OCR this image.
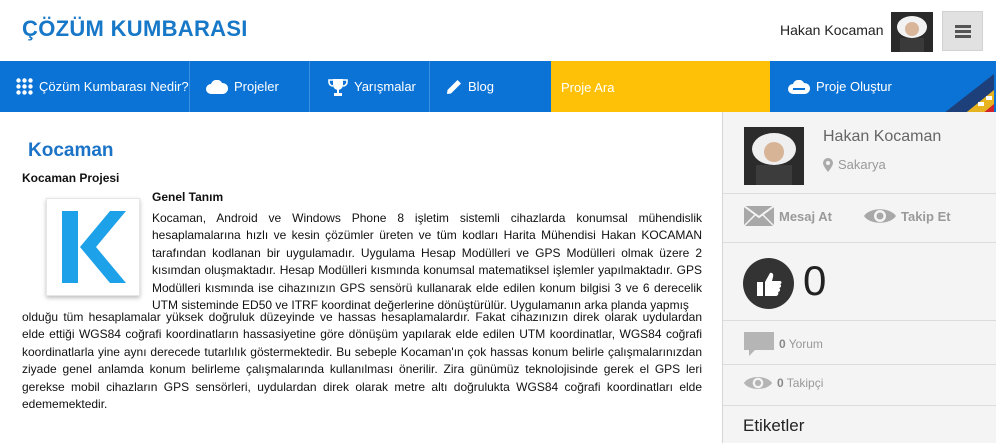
ÇÖZÜM KUMBARASI	Hakan Kocaman
Çözüm Kumbarası Nedir?	Projeler	Yarışmalar	Blog
Proje Ara	Proje Oluştur
Kocaman
Kocaman Projesi
Genel Tanım
Kocaman, Android ve Windows Phone 8 işletim sistemli cihazlarda konumsal mühendislik hesaplamalarına hızlı ve kesin çözümler üreten ve tüm kodları Harita Mühendisi Hakan KOCAMAN tarafından kodlanan bir uygulamadır. Uygulama Hesap Modülleri ve GPS Modülleri olmak üzere 2 kısımdan oluşmaktadır. Hesap Modülleri kısmında konumsal matematiksel işlemler yapılmaktadır. GPS Modülleri kısmında ise cihazınızın GPS sensörü kullanarak elde edilen konum bilgisi 3 ve 6 derecelik UTM sisteminde ED50 ve ITRF koordinat değerlerine dönüştürülür. Uygulamanın arka planda yapmış
olduğu tüm hesaplamalar yüksek doğruluk düzeyinde ve hassas hesaplamalardır. Fakat cihazınızın direk olarak uydulardan elde ettiği WGS84 coğrafi koordinatların hassasiyetine göre dönüşüm yapılarak elde edilen UTM koordinatlar, WGS84 coğrafi koordinatlarla yine aynı derecede tutarlılık göstermektedir. Bu sebeple Kocaman'ın çok hassas konum belirle çalışmalarınızdan ziyade genel anlamda konum belirleme çalışmalarında kullanılması önerilir. Zira günümüz teknolojisinde gerek el GPS leri gerekse mobil cihazların GPS sensörleri, uydulardan direk olarak metre altı doğrulukta WGS84 coğrafi koordinatları elde edememektedir.
Hakan Kocaman
Sakarya
Mesaj At	Takip Et
0
0 Yorum
0 Takipçi
Etiketler
